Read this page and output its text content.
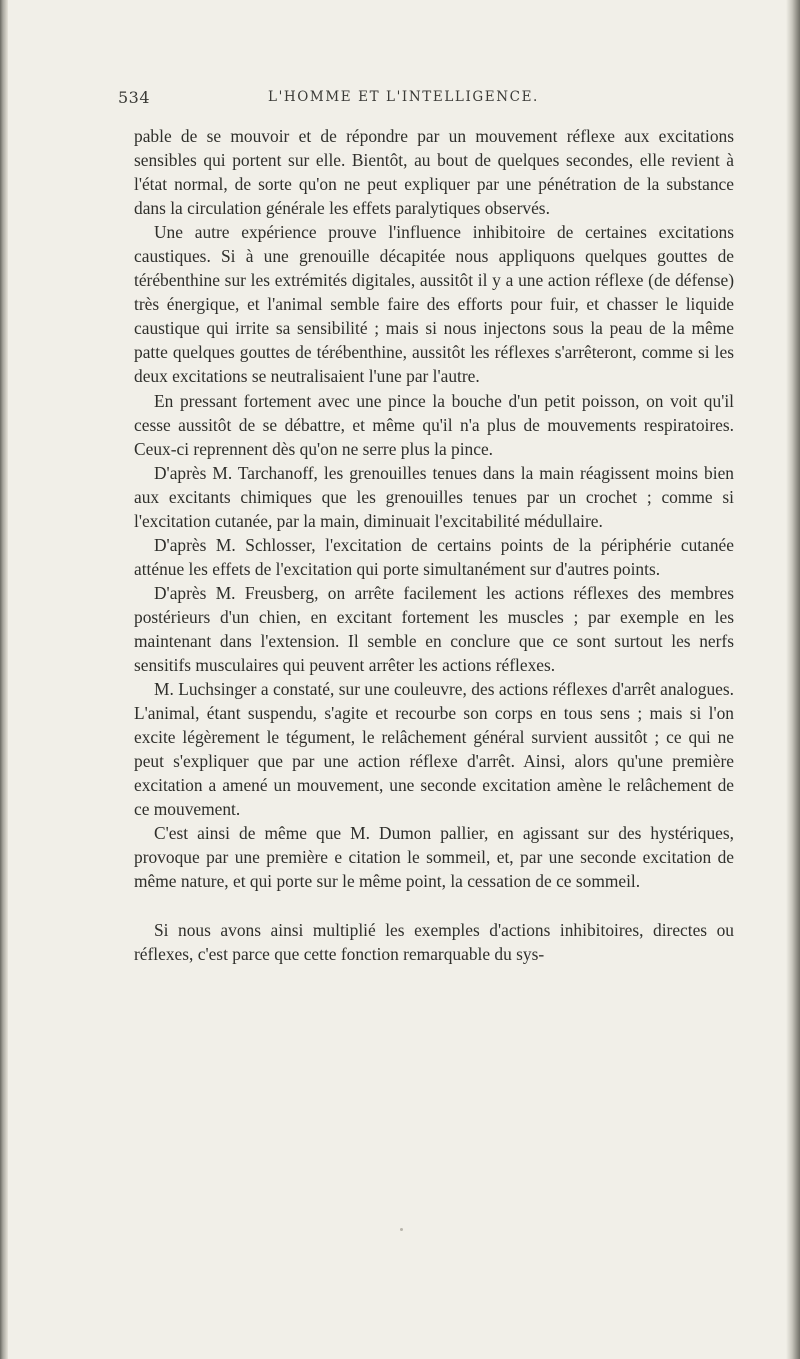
534	L'HOMME ET L'INTELLIGENCE.

pable de se mouvoir et de répondre par un mouvement réflexe aux excitations sensibles qui portent sur elle. Bientôt, au bout de quelques secondes, elle revient à l'état normal, de sorte qu'on ne peut expliquer par une pénétration de la substance dans la circulation générale les effets paralytiques observés.

Une autre expérience prouve l'influence inhibitoire de certaines excitations caustiques. Si à une grenouille décapitée nous appliquons quelques gouttes de térébenthine sur les extrémités digitales, aussitôt il y a une action réflexe (de défense) très énergique, et l'animal semble faire des efforts pour fuir, et chasser le liquide caustique qui irrite sa sensibilité ; mais si nous injectons sous la peau de la même patte quelques gouttes de térébenthine, aussitôt les réflexes s'arrêteront, comme si les deux excitations se neutralisaient l'une par l'autre.

En pressant fortement avec une pince la bouche d'un petit poisson, on voit qu'il cesse aussitôt de se débattre, et même qu'il n'a plus de mouvements respiratoires. Ceux-ci reprennent dès qu'on ne serre plus la pince.

D'après M. Tarchanoff, les grenouilles tenues dans la main réagissent moins bien aux excitants chimiques que les grenouilles tenues par un crochet ; comme si l'excitation cutanée, par la main, diminuait l'excitabilité médullaire.

D'après M. Schlosser, l'excitation de certains points de la périphérie cutanée atténue les effets de l'excitation qui porte simultanément sur d'autres points.

D'après M. Freusberg, on arrête facilement les actions réflexes des membres postérieurs d'un chien, en excitant fortement les muscles ; par exemple en les maintenant dans l'extension. Il semble en conclure que ce sont surtout les nerfs sensitifs musculaires qui peuvent arrêter les actions réflexes.

M. Luchsinger a constaté, sur une couleuvre, des actions réflexes d'arrêt analogues. L'animal, étant suspendu, s'agite et recourbe son corps en tous sens ; mais si l'on excite légèrement le tégument, le relâchement général survient aussitôt ; ce qui ne peut s'expliquer que par une action réflexe d'arrêt. Ainsi, alors qu'une première excitation a amené un mouvement, une seconde excitation amène le relâchement de ce mouvement.

C'est ainsi de même que M. Dumon pallier, en agissant sur des hystériques, provoque par une première e citation le sommeil, et, par une seconde excitation de même nature, et qui porte sur le même point, la cessation de ce sommeil.

Si nous avons ainsi multiplié les exemples d'actions inhibitoires, directes ou réflexes, c'est parce que cette fonction remarquable du sys-
